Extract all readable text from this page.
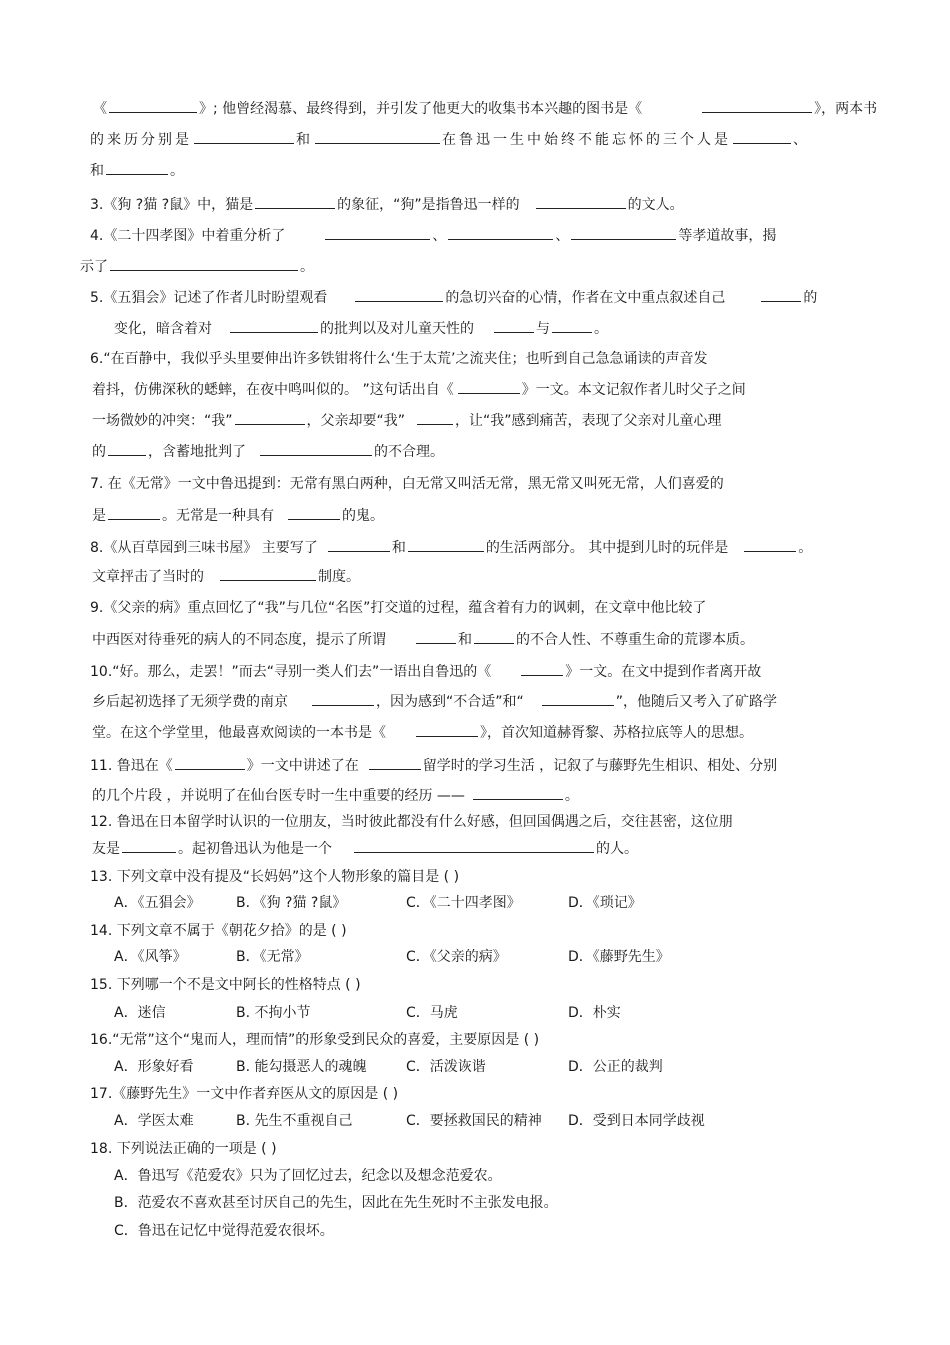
《	》; 他曾经渴慕、最终得到，并引发了他更大的收集书本兴趣的图书是《	》，两本书
的来历分别是	和	在鲁迅一生中始终不能忘怀的三个人是	、
和	。
3.《狗 ?猫 ?鼠》中，猫是	的象征，“狗”是指鲁迅一样的	的文人。
4.《二十四孝图》中着重分析了	、	、	等孝道故事，揭
示了	。
5.《五猖会》记述了作者儿时盼望观看	的急切兴奋的心情，作者在文中重点叙述自己	的
变化，暗含着对	的批判以及对儿童天性的	与	。
6.“在百静中，我似乎头里要伸出许多铁钳将什么‘生于太荒’之流夹住；也听到自己急急诵读的声音发
着抖，仿佛深秋的蟋蟀，在夜中鸣叫似的。 ”这句话出自《	》一文。本文记叙作者儿时父子之间
一场微妙的冲突：“我”	，父亲却要“我”	，让“我”感到痛苦，表现了父亲对儿童心理
的	，含蓄地批判了	的不合理。
7. 在《无常》一文中鲁迅提到：无常有黑白两种，白无常又叫活无常，黑无常又叫死无常，人们喜爱的
是	。无常是一种具有	的鬼。
8.《从百草园到三味书屋》 主要写了	和	的生活两部分。 其中提到儿时的玩伴是	。
文章抨击了当时的	制度。
9.《父亲的病》重点回忆了“我”与几位“名医”打交道的过程，蕴含着有力的讽刺，在文章中他比较了
中西医对待垂死的病人的不同态度，提示了所谓	和	的不合人性、不尊重生命的荒谬本质。
10.“好。那么，走罢！”而去“寻别一类人们去”一语出自鲁迅的《	》一文。在文中提到作者离开故
乡后起初选择了无须学费的南京	，因为感到“不合适”和“	”，他随后又考入了矿路学
堂。在这个学堂里，他最喜欢阅读的一本书是《	》，首次知道赫胥黎、苏格拉底等人的思想。
11. 鲁迅在《	》一文中讲述了在	留学时的学习生活 ，记叙了与藤野先生相识、相处、分别
的几个片段 ，并说明了在仙台医专时一生中重要的经历 ——	。
12. 鲁迅在日本留学时认识的一位朋友，当时彼此都没有什么好感，但回国偶遇之后，交往甚密，这位朋
友是	。起初鲁迅认为他是一个	的人。
13. 下列文章中没有提及“长妈妈”这个人物形象的篇目是 ( )
A．《五猖会》	B．《狗 ?猫 ?鼠》	C．《二十四孝图》	D．《琐记》
14. 下列文章不属于《朝花夕拾》的是 ( )
A．《风筝》	B．《无常》	C．《父亲的病》	D．《藤野先生》
15. 下列哪一个不是文中阿长的性格特点 ( )
A．迷信	B. 不拘小节	C．马虎	D．朴实
16.“无常”这个“鬼而人，理而情”的形象受到民众的喜爱，主要原因是 ( )
A．形象好看	B. 能勾摄恶人的魂魄	C．活泼诙谐	D．公正的裁判
17.《藤野先生》一文中作者弃医从文的原因是 ( )
A．学医太难	B. 先生不重视自己	C．要拯救国民的精神 D．受到日本同学歧视
18. 下列说法正确的一项是 ( )
A．鲁迅写《范爱农》只为了回忆过去，纪念以及想念范爱农。
B．范爱农不喜欢甚至讨厌自己的先生，因此在先生死时不主张发电报。
C．鲁迅在记忆中觉得范爱农很坏。
